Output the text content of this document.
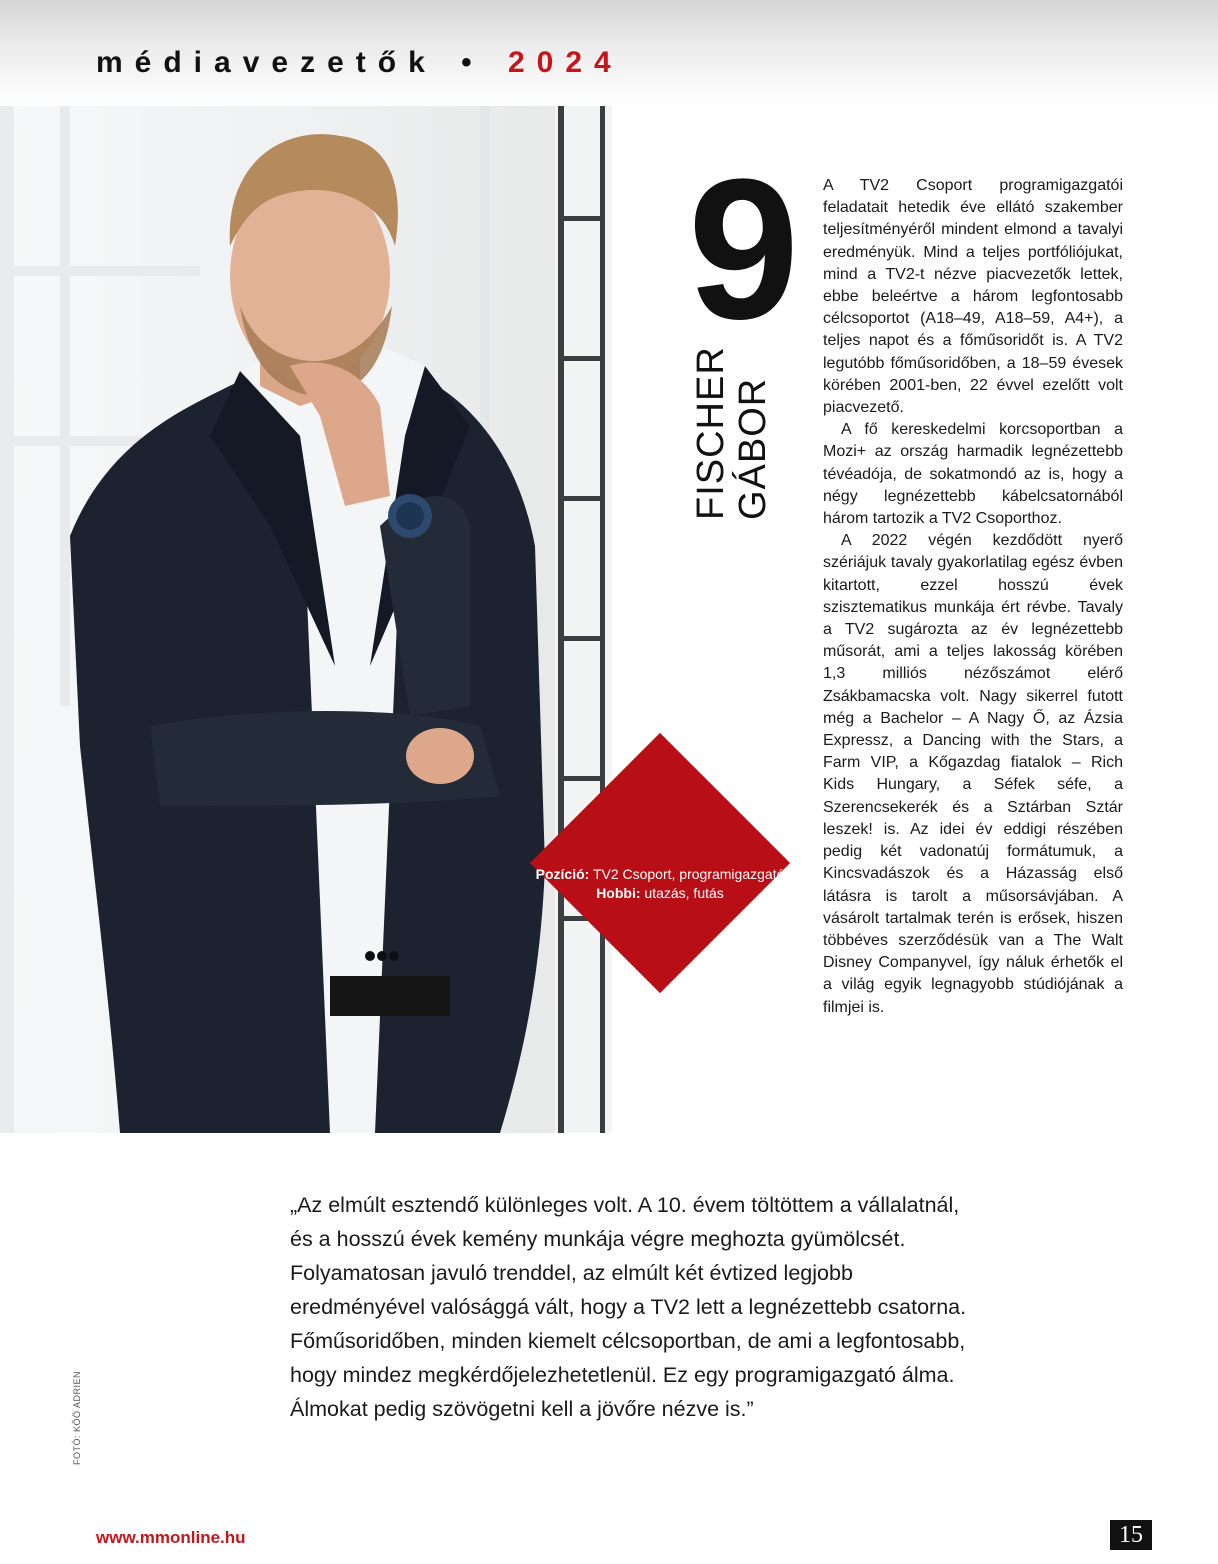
médiavezetők • 2024
9
FISCHER GÁBOR
Pozíció: TV2 Csoport, programigazgató
Hobbi: utazás, futás

A TV2 Csoport programigazgatói feladatait hetedik éve ellátó szakember teljesítményéről mindent elmond a tavalyi eredményük. Mind a teljes portfóliójukat, mind a TV2-t nézve piacvezetők lettek, ebbe beleértve a három legfontosabb célcsoportot (A18–49, A18–59, A4+), a teljes napot és a főműsoridőt is. A TV2 legutóbb főműsoridőben, a 18–59 évesek körében 2001-ben, 22 évvel ezelőtt volt piacvezető.

A fő kereskedelmi korcsoportban a Mozi+ az ország harmadik legnézettebb tévéadója, de sokatmondó az is, hogy a négy legnézettebb kábelcsatornából három tartozik a TV2 Csoporthoz.

A 2022 végén kezdődött nyerő szériájuk tavaly gyakorlatilag egész évben kitartott, ezzel hosszú évek szisztematikus munkája ért révbe. Tavaly a TV2 sugározta az év legnézettebb műsorát, ami a teljes lakosság körében 1,3 milliós nézőszámot elérő Zsákbamacska volt. Nagy sikerrel futott még a Bachelor – A Nagy Ő, az Ázsia Expressz, a Dancing with the Stars, a Farm VIP, a Kőgazdag fiatalok – Rich Kids Hungary, a Séfek séfe, a Szerencsekerék és a Sztárban Sztár leszek! is. Az idei év eddigi részében pedig két vadonatúj formátumuk, a Kincsvadászok és a Házasság első látásra is tarolt a műsorsávjában. A vásárolt tartalmak terén is erősek, hiszen többéves szerződésük van a The Walt Disney Companyvel, így náluk érhetők el a világ egyik legnagyobb stúdiójának a filmjei is.

„Az elmúlt esztendő különleges volt. A 10. évem töltöttem a vállalatnál, és a hosszú évek kemény munkája végre meghozta gyümölcsét. Folyamatosan javuló trenddel, az elmúlt két évtized legjobb eredményével valósággá vált, hogy a TV2 lett a legnézettebb csatorna. Főműsoridőben, minden kiemelt célcsoportban, de ami a legfontosabb, hogy mindez megkérdőjelezhetetlenül. Ez egy programigazgató álma. Álmokat pedig szövögetni kell a jövőre nézve is.”
FOTÓ: KŐÖ ADRIEN
www.mmonline.hu	15
